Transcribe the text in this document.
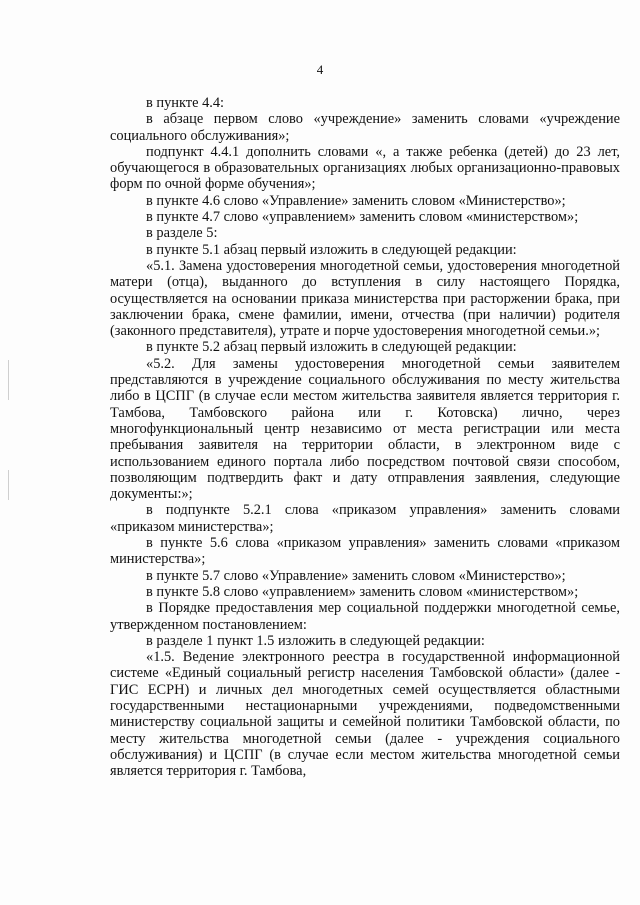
4

в пункте 4.4:

в абзаце первом слово «учреждение» заменить словами «учреждение социального обслуживания»;

подпункт 4.4.1 дополнить словами «, а также ребенка (детей) до 23 лет, обучающегося в образовательных организациях любых организационно-правовых форм по очной форме обучения»;

в пункте 4.6 слово «Управление» заменить словом «Министерство»;

в пункте 4.7 слово «управлением» заменить словом «министерством»;

в разделе 5:

в пункте 5.1 абзац первый изложить в следующей редакции:

«5.1. Замена удостоверения многодетной семьи, удостоверения многодетной матери (отца), выданного до вступления в силу настоящего Порядка, осуществляется на основании приказа министерства при расторжении брака, при заключении брака, смене фамилии, имени, отчества (при наличии) родителя (законного представителя), утрате и порче удостоверения многодетной семьи.»;

в пункте 5.2 абзац первый изложить в следующей редакции:

«5.2. Для замены удостоверения многодетной семьи заявителем представляются в учреждение социального обслуживания по месту жительства либо в ЦСПГ (в случае если местом жительства заявителя является территория г. Тамбова, Тамбовского района или г. Котовска) лично, через многофункциональный центр независимо от места регистрации или места пребывания заявителя на территории области, в электронном виде с использованием единого портала либо посредством почтовой связи способом, позволяющим подтвердить факт и дату отправления заявления, следующие документы:»;

в подпункте 5.2.1 слова «приказом управления» заменить словами «приказом министерства»;

в пункте 5.6 слова «приказом управления» заменить словами «приказом министерства»;

в пункте 5.7 слово «Управление» заменить словом «Министерство»;

в пункте 5.8 слово «управлением» заменить словом «министерством»;

в Порядке предоставления мер социальной поддержки многодетной семье, утвержденном постановлением:

в разделе 1 пункт 1.5 изложить в следующей редакции:

«1.5. Ведение электронного реестра в государственной информационной системе «Единый социальный регистр населения Тамбовской области» (далее - ГИС ЕСРН) и личных дел многодетных семей осуществляется областными государственными нестационарными учреждениями, подведомственными министерству социальной защиты и семейной политики Тамбовской области, по месту жительства многодетной семьи (далее - учреждения социального обслуживания) и ЦСПГ (в случае если местом жительства многодетной семьи является территория г. Тамбова,
